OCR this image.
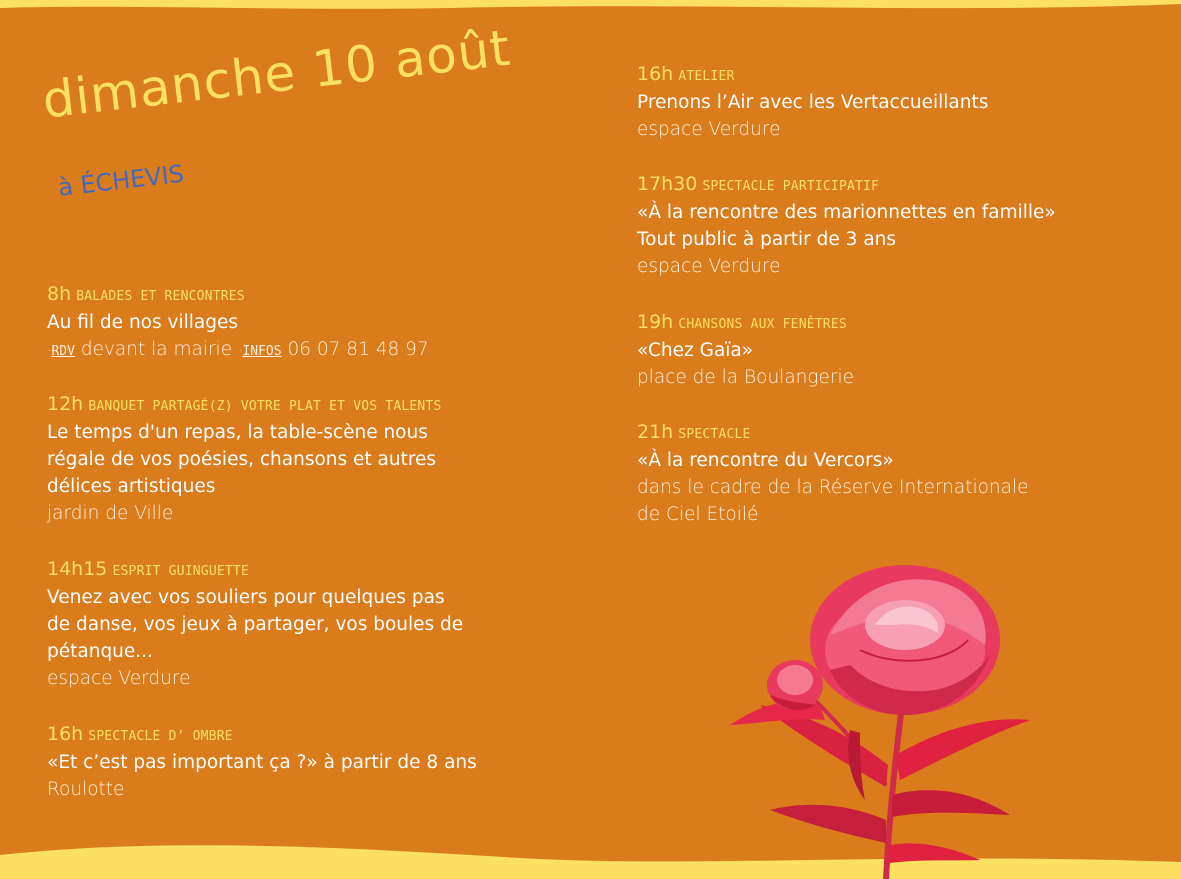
dimanche 10 août
à ÉCHEVIS
8h BALADES ET RENCONTRES
Au fil de nos villages
·RDV devant la mairie ·INFOS 06 07 81 48 97
12h BANQUET PARTAGÉ(Z) VOTRE PLAT ET VOS TALENTS
Le temps d'un repas, la table-scène nous
régale de vos poésies, chansons et autres
délices artistiques
jardin de Ville
14h15 ESPRIT GUINGUETTE
Venez avec vos souliers pour quelques pas
de danse, vos jeux à partager, vos boules de
pétanque...
espace Verdure
16h SPECTACLE D’ OMBRE
«Et c’est pas important ça ?» à partir de 8 ans
Roulotte
16h ATELIER
Prenons l’Air avec les Vertaccueillants
espace Verdure
17h30 SPECTACLE PARTICIPATIF
«À la rencontre des marionnettes en famille»
Tout public à partir de 3 ans
espace Verdure
19h CHANSONS AUX FENÊTRES
«Chez Gaïa»
place de la Boulangerie
21h SPECTACLE
«À la rencontre du Vercors»
dans le cadre de la Réserve Internationale
de Ciel Etoilé
